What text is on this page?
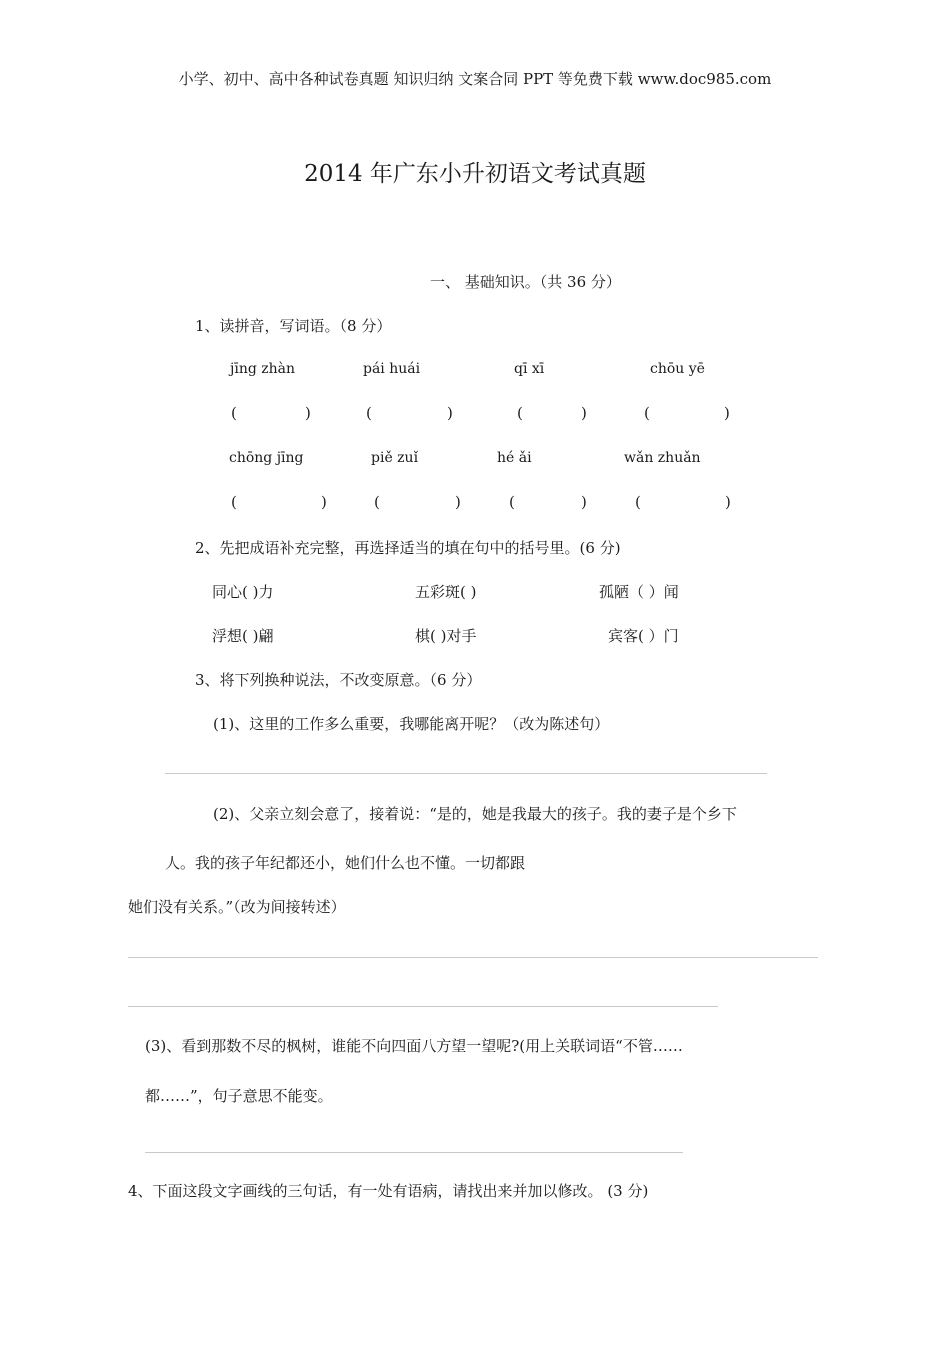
小学、初中、高中各种试卷真题 知识归纳 文案合同 PPT 等免费下载 www.doc985.com
2014 年广东小升初语文考试真题
一、 基础知识。（共 36 分）
1、读拼音，写词语。（8 分）
jīng zhàn	pái huái	qī xī	chōu yē
(	)	(	)	(	)	(	)
chōng jīng	piě zuǐ	hé ǎi	wǎn zhuǎn
(	)	(	)	(	)	(	)
2、先把成语补充完整，再选择适当的填在句中的括号里。(6 分)
同心( )力	五彩斑( )	孤陋（ ）闻
浮想( )翩	棋( )对手	宾客( ）门
3、将下列换种说法，不改变原意。（6 分）
(1)、这里的工作多么重要，我哪能离开呢？（改为陈述句）
(2)、父亲立刻会意了，接着说：“是的，她是我最大的孩子。我的妻子是个乡下
人。我的孩子年纪都还小，她们什么也不懂。一切都跟
她们没有关系。”（改为间接转述）
(3)、看到那数不尽的枫树，谁能不向四面八方望一望呢?(用上关联词语“不管……
都……”，句子意思不能变。
4、下面这段文字画线的三句话，有一处有语病，请找出来并加以修改。 (3 分)
